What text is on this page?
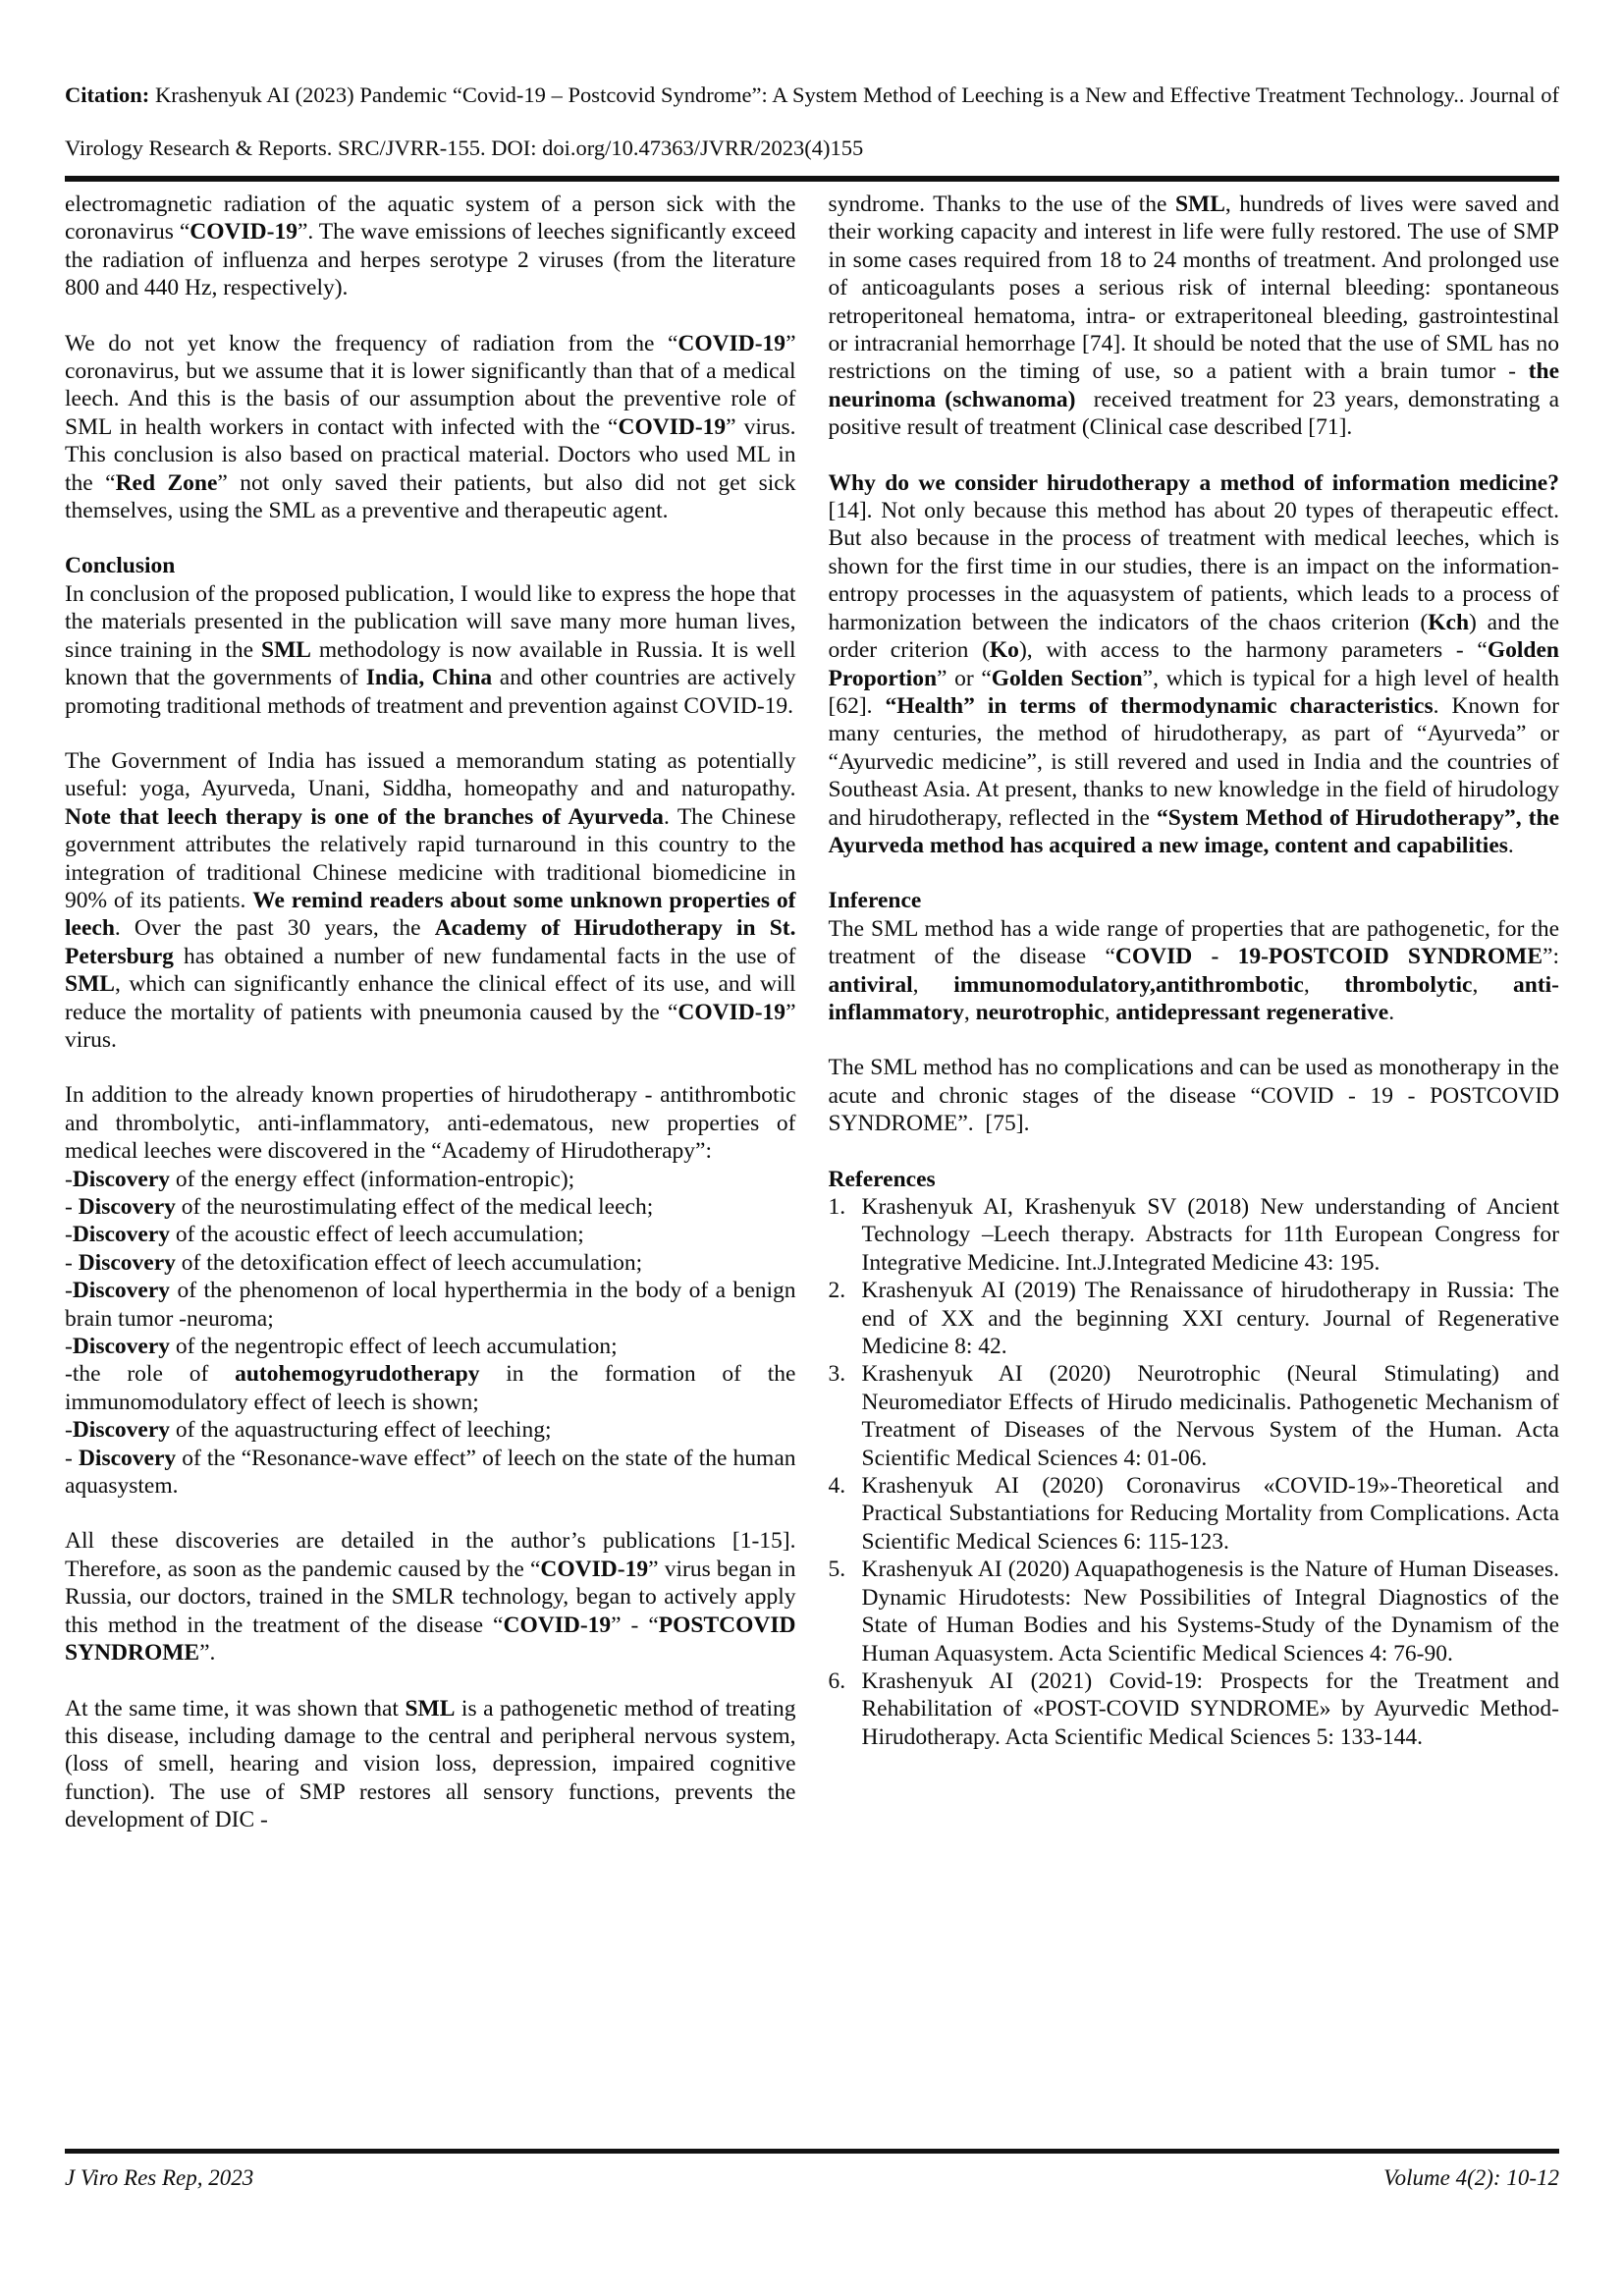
Citation: Krashenyuk AI (2023) Pandemic “Covid-19 – Postcovid Syndrome”: A System Method of Leeching is a New and Effective Treatment Technology.. Journal of Virology Research & Reports. SRC/JVRR-155. DOI: doi.org/10.47363/JVRR/2023(4)155

electromagnetic radiation of the aquatic system of a person sick with the coronavirus “COVID-19”. The wave emissions of leeches significantly exceed the radiation of influenza and herpes serotype 2 viruses (from the literature 800 and 440 Hz, respectively).

We do not yet know the frequency of radiation from the “COVID-19” coronavirus, but we assume that it is lower significantly than that of a medical leech. And this is the basis of our assumption about the preventive role of SML in health workers in contact with infected with the “COVID-19” virus. This conclusion is also based on practical material. Doctors who used ML in the “Red Zone” not only saved their patients, but also did not get sick themselves, using the SML as a preventive and therapeutic agent.

Conclusion

In conclusion of the proposed publication, I would like to express the hope that the materials presented in the publication will save many more human lives, since training in the SML methodology is now available in Russia. It is well known that the governments of India, China and other countries are actively promoting traditional methods of treatment and prevention against COVID-19.

The Government of India has issued a memorandum stating as potentially useful: yoga, Ayurveda, Unani, Siddha, homeopathy and and naturopathy. Note that leech therapy is one of the branches of Ayurveda. The Chinese government attributes the relatively rapid turnaround in this country to the integration of traditional Chinese medicine with traditional biomedicine in 90% of its patients. We remind readers about some unknown properties of leech. Over the past 30 years, the Academy of Hirudotherapy in St. Petersburg has obtained a number of new fundamental facts in the use of SML, which can significantly enhance the clinical effect of its use, and will reduce the mortality of patients with pneumonia caused by the “COVID-19” virus.

In addition to the already known properties of hirudotherapy - antithrombotic and thrombolytic, anti-inflammatory, anti-edematous, new properties of medical leeches were discovered in the “Academy of Hirudotherapy”:

-Discovery of the energy effect (information-entropic);
- Discovery of the neurostimulating effect of the medical leech;
-Discovery of the acoustic effect of leech accumulation;
- Discovery of the detoxification effect of leech accumulation;
-Discovery of the phenomenon of local hyperthermia in the body of a benign brain tumor -neuroma;
-Discovery of the negentropic effect of leech accumulation;
-the role of autohemogyrudotherapy in the formation of the immunomodulatory effect of leech is shown;
-Discovery of the aquastructuring effect of leeching;
- Discovery of the “Resonance-wave effect” of leech on the state of the human aquasystem.

All these discoveries are detailed in the author’s publications [1-15]. Therefore, as soon as the pandemic caused by the “COVID-19” virus began in Russia, our doctors, trained in the SMLR technology, began to actively apply this method in the treatment of the disease “COVID-19” - “POSTCOVID SYNDROME”.

At the same time, it was shown that SML is a pathogenetic method of treating this disease, including damage to the central and peripheral nervous system, (loss of smell, hearing and vision loss, depression, impaired cognitive function). The use of SMP restores all sensory functions, prevents the development of DIC -

syndrome. Thanks to the use of the SML, hundreds of lives were saved and their working capacity and interest in life were fully restored. The use of SMP in some cases required from 18 to 24 months of treatment. And prolonged use of anticoagulants poses a serious risk of internal bleeding: spontaneous retroperitoneal hematoma, intra- or extraperitoneal bleeding, gastrointestinal or intracranial hemorrhage [74]. It should be noted that the use of SML has no restrictions on the timing of use, so a patient with a brain tumor - the neurinoma (schwanoma)  received treatment for 23 years, demonstrating a positive result of treatment (Clinical case described [71].

Why do we consider hirudotherapy a method of information medicine? [14]. Not only because this method has about 20 types of therapeutic effect. But also because in the process of treatment with medical leeches, which is shown for the first time in our studies, there is an impact on the information-entropy processes in the aquasystem of patients, which leads to a process of harmonization between the indicators of the chaos criterion (Kch) and the order criterion (Ko), with access to the harmony parameters - “Golden Proportion” or “Golden Section”, which is typical for a high level of health [62]. “Health” in terms of thermodynamic characteristics. Known for many centuries, the method of hirudotherapy, as part of “Ayurveda” or “Ayurvedic medicine”, is still revered and used in India and the countries of Southeast Asia. At present, thanks to new knowledge in the field of hirudology and hirudotherapy, reflected in the “System Method of Hirudotherapy”, the Ayurveda method has acquired a new image, content and capabilities.

Inference

The SML method has a wide range of properties that are pathogenetic, for the treatment of the disease “COVID - 19-POSTCOID SYNDROME”: antiviral, immunomodulatory,antithrombotic, thrombolytic, anti-inflammatory, neurotrophic, antidepressant regenerative.

The SML method has no complications and can be used as monotherapy in the acute and chronic stages of the disease “COVID - 19 - POSTCOVID SYNDROME”.  [75].

References
1. Krashenyuk AI, Krashenyuk SV (2018) New understanding of Ancient Technology –Leech therapy. Abstracts for 11th European Congress for Integrative Medicine. Int.J.Integrated Medicine 43: 195.
2. Krashenyuk AI (2019) The Renaissance of hirudotherapy in Russia: The end of XX and the beginning XXI century. Journal of Regenerative Medicine 8: 42.
3. Krashenyuk AI (2020) Neurotrophic (Neural Stimulating) and Neuromediator Effects of Hirudo medicinalis. Pathogenetic Mechanism of Treatment of Diseases of the Nervous System of the Human. Acta Scientific Medical Sciences 4: 01-06.
4. Krashenyuk AI (2020) Coronavirus «COVID-19»-Theoretical and Practical Substantiations for Reducing Mortality from Complications. Acta Scientific Medical Sciences 6: 115-123.
5. Krashenyuk AI (2020) Aquapathogenesis is the Nature of Human Diseases. Dynamic Hirudotests: New Possibilities of Integral Diagnostics of the State of Human Bodies and his Systems-Study of the Dynamism of the Human Aquasystem. Acta Scientific Medical Sciences 4: 76-90.
6. Krashenyuk AI (2021) Covid-19: Prospects for the Treatment and Rehabilitation of «POST-COVID SYNDROME» by Ayurvedic Method-Hirudotherapy. Acta Scientific Medical Sciences 5: 133-144.
J Viro Res Rep, 2023	Volume 4(2): 10-12
